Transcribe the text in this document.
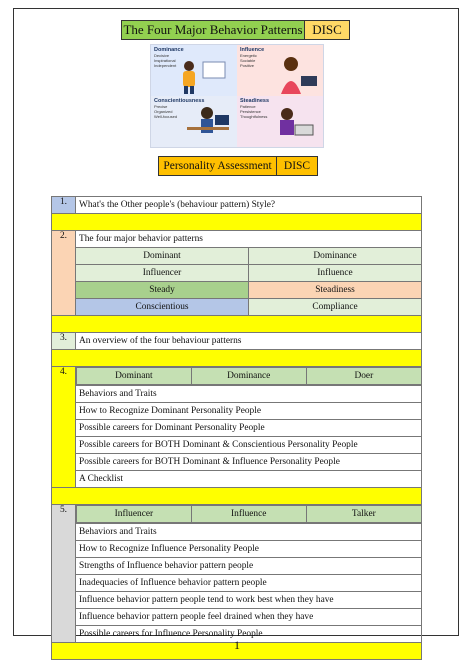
The Four Major Behavior Patterns DISC
Dominance
Decisive
Inspirational
Independent
Influence
Energetic
Sociable
Positive
Conscientiousness
Precise
Organized
Well-focused
Steadiness
Patience
Persistence
Thoughtfulness
Personality Assessment	DISC
1.	What's the Other people's (behaviour pattern) Style?

2.	The four major behavior patterns
Dominant	Dominance
Influencer	Influence
Steady	Steadiness
Conscientious	Compliance

3.	An overview of the four behaviour patterns

4.		Dominant	Dominance	Doer

Behaviors and Traits
How to Recognize Dominant Personality People
Possible careers for Dominant Personality People
Possible careers for BOTH Dominant & Conscientious Personality People
Possible careers for BOTH Dominant & Influence Personality People
A Checklist

5.		Influencer	Influence	Talker

Behaviors and Traits
How to Recognize Influence Personality People
Strengths of Influence behavior pattern people
Inadequacies of Influence behavior pattern people
Influence behavior pattern people tend to work best when they have
Influence behavior pattern people feel drained when they have
Possible careers for Influence Personality People

1
